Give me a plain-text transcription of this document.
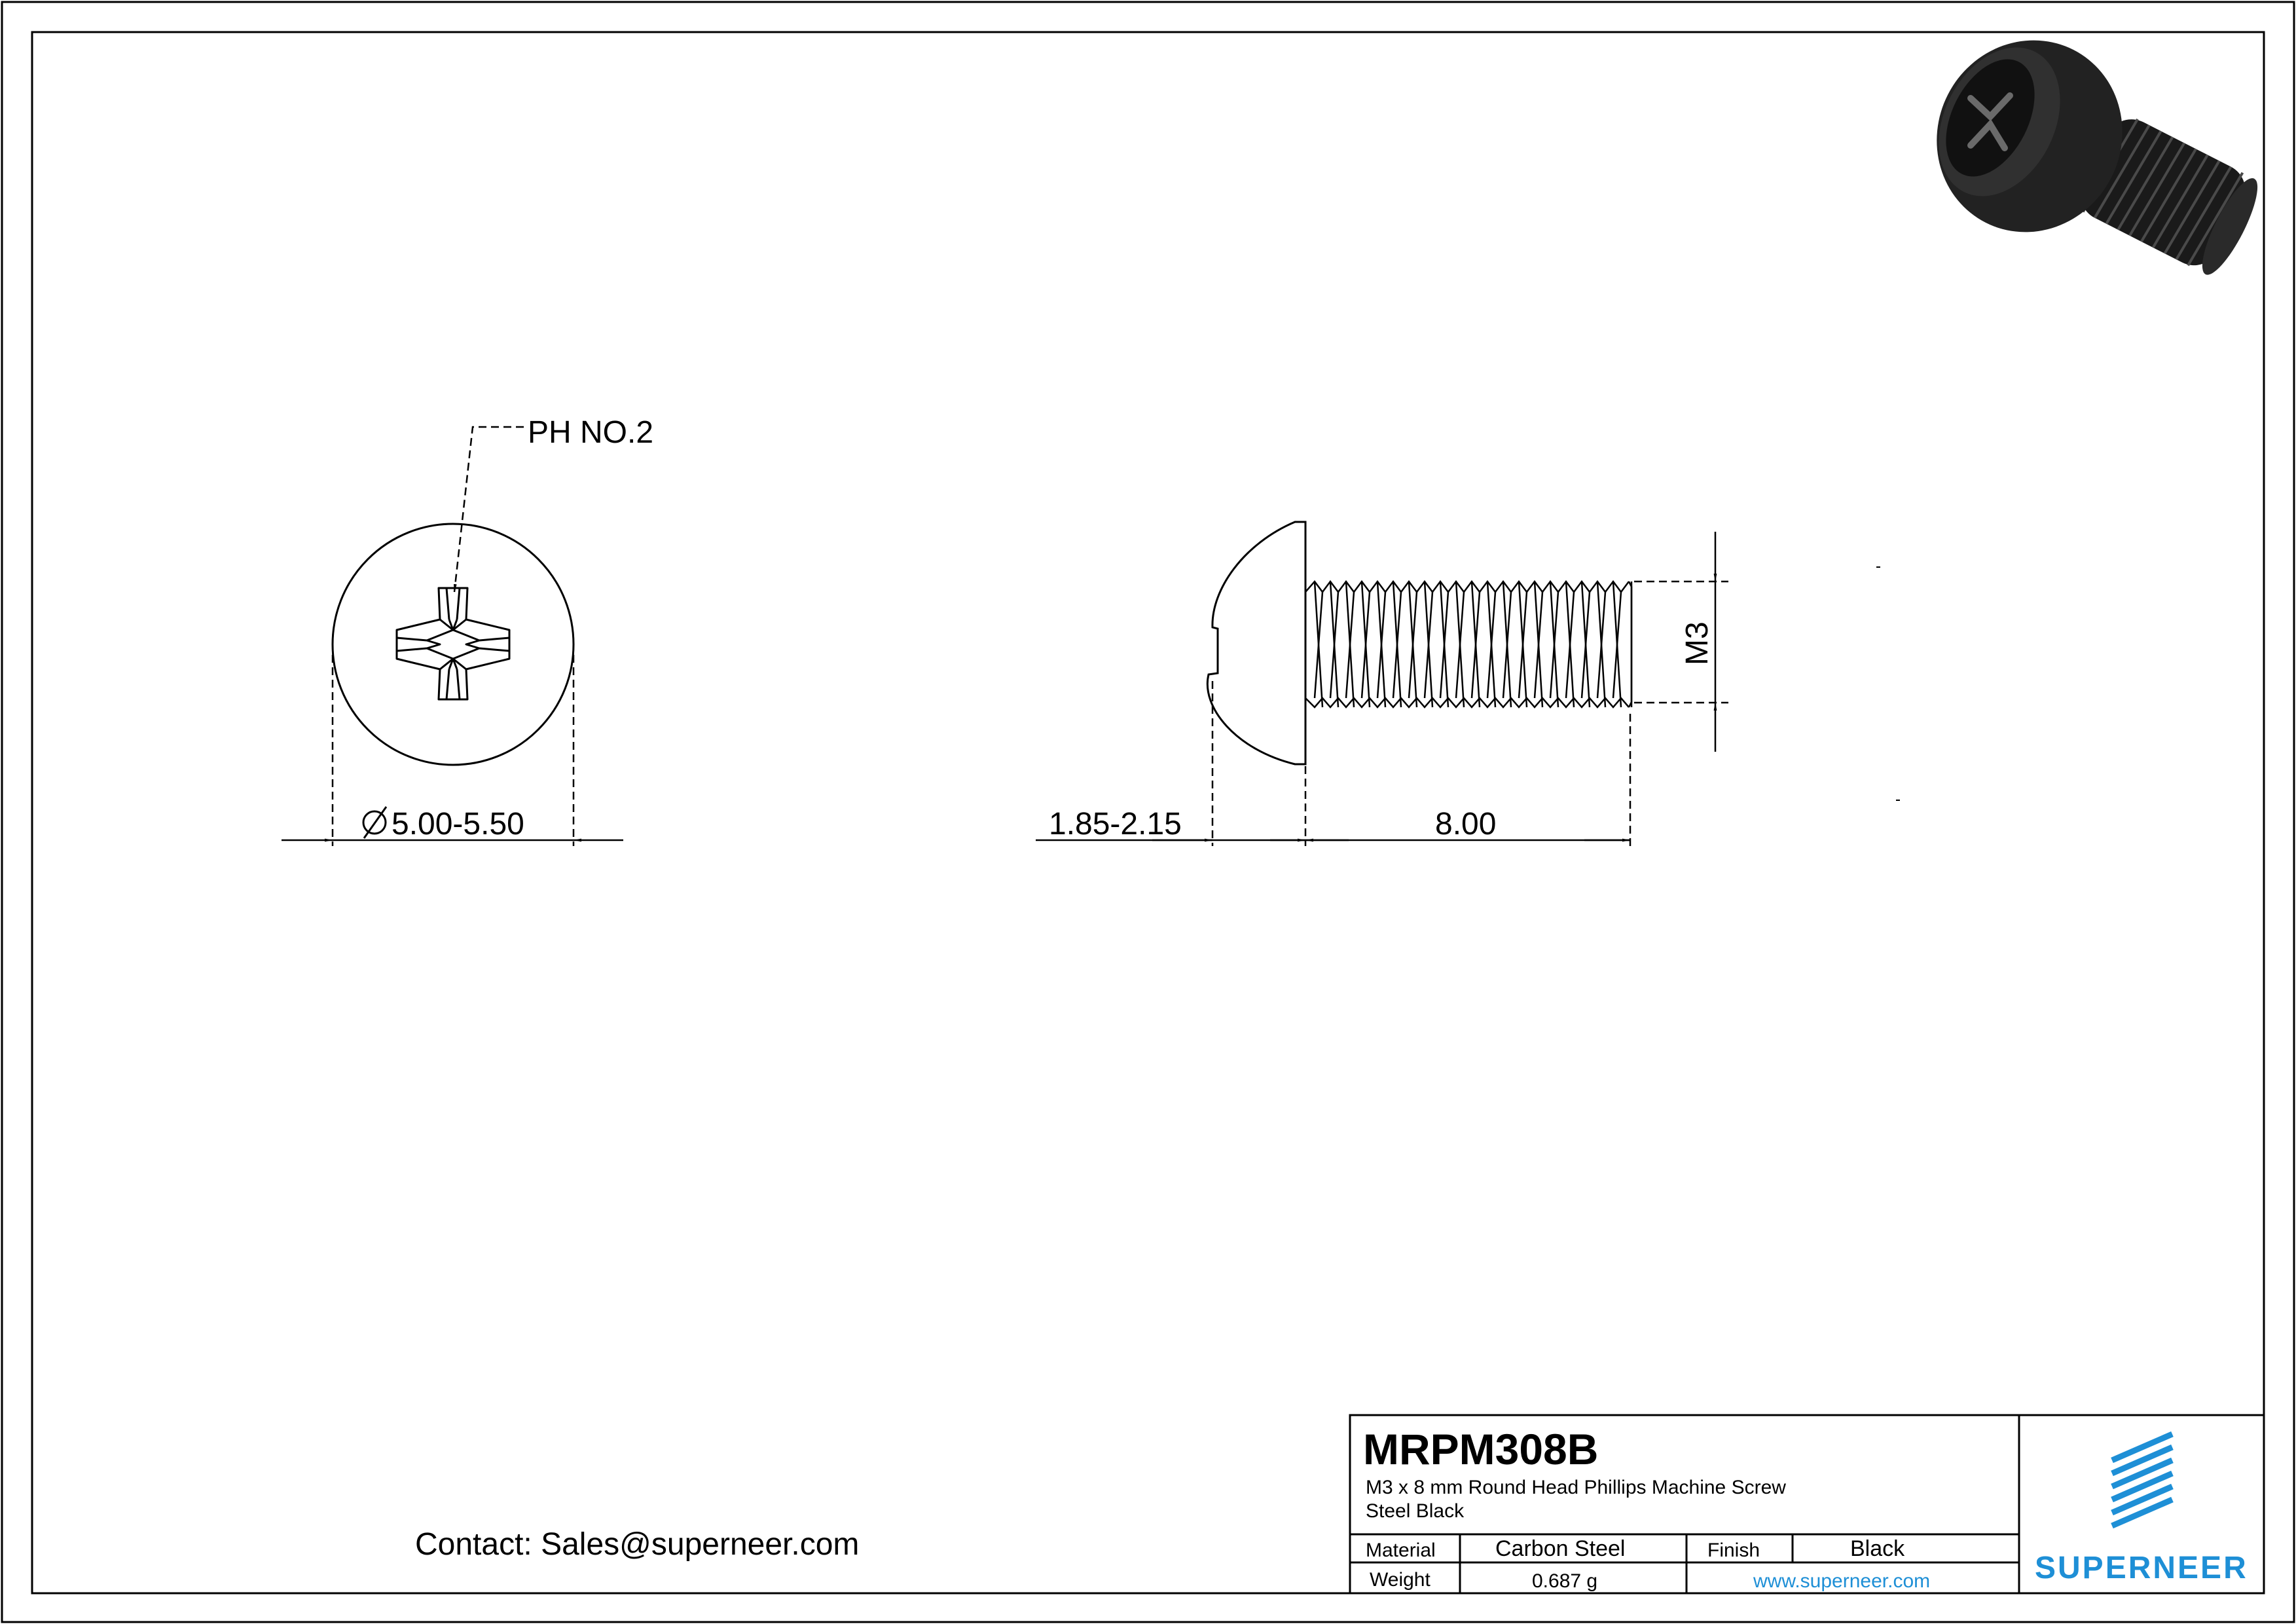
PH NO.2
5.00-5.50
M3
1.85-2.15	8.00
Contact: Sales@superneer.com
MRPM308B
M3 x 8 mm Round Head Phillips Machine Screw
Steel Black
Material	Carbon Steel	Finish	Black
Weight	0.687 g	www.superneer.com	SUPERNEER
